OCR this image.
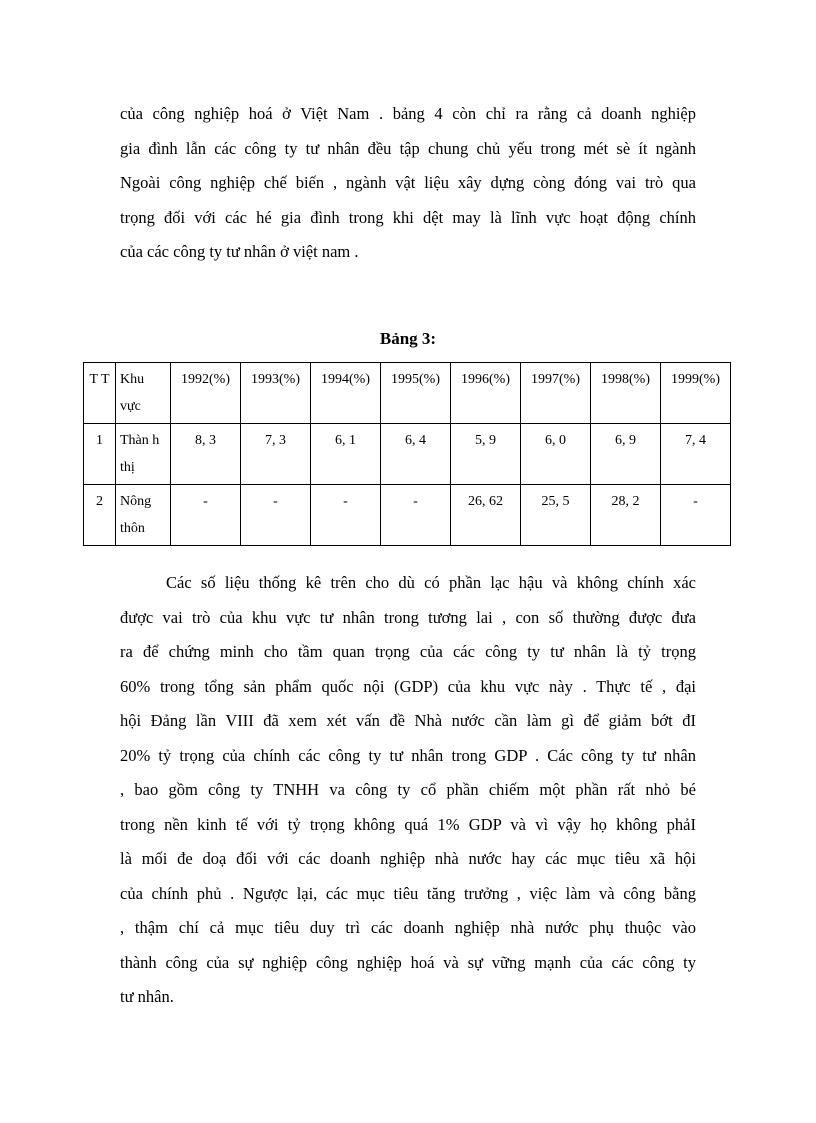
của công nghiệp hoá ở Việt Nam . bảng 4 còn chỉ ra rằng cả doanh nghiệp
gia đình lẫn các công ty tư nhân đều tập chung chủ yếu trong mét sè ít ngành
Ngoài công nghiệp chế biến , ngành vật liệu xây dựng còng đóng vai trò qua
trọng đối với các hé gia đình trong khi dệt may là lĩnh vực hoạt động chính
của các công ty tư nhân ở việt nam .
Bảng 3:
T T	Khu vực	1992(%)	1993(%)	1994(%)	1995(%)	1996(%)	1997(%)	1998(%)	1999(%)
1	Thàn h thị	8, 3	7, 3	6, 1	6, 4	5, 9	6, 0	6, 9	7, 4
2	Nông thôn	-	-	-	-	26, 62	25, 5	28, 2	-
Các số liệu thống kê trên cho dù có phần lạc hậu và không chính xác
được vai trò của khu vực tư nhân trong tương lai , con số thường được đưa
ra để chứng minh cho tầm quan trọng của các công ty tư nhân là tỷ trọng
60% trong tổng sản phẩm quốc nội (GDP) của khu vực này . Thực tế , đại
hội Đảng lần VIII đã xem xét vấn đề Nhà nước cần làm gì để giảm bớt đI
20% tỷ trọng của chính các công ty tư nhân trong GDP . Các công ty tư nhân
, bao gồm công ty TNHH va công ty cổ phần chiếm một phần rất nhỏ bé
trong nền kinh tế với tỷ trọng không quá 1% GDP và vì vậy họ không phảI
là mối đe doạ đối với các doanh nghiệp nhà nước hay các mục tiêu xã hội
của chính phủ . Ngược lại, các mục tiêu tăng trưởng , việc làm và công bằng
, thậm chí cả mục tiêu duy trì các doanh nghiệp nhà nước phụ thuộc vào
thành công của sự nghiệp công nghiệp hoá và sự vững mạnh của các công ty
tư nhân.
